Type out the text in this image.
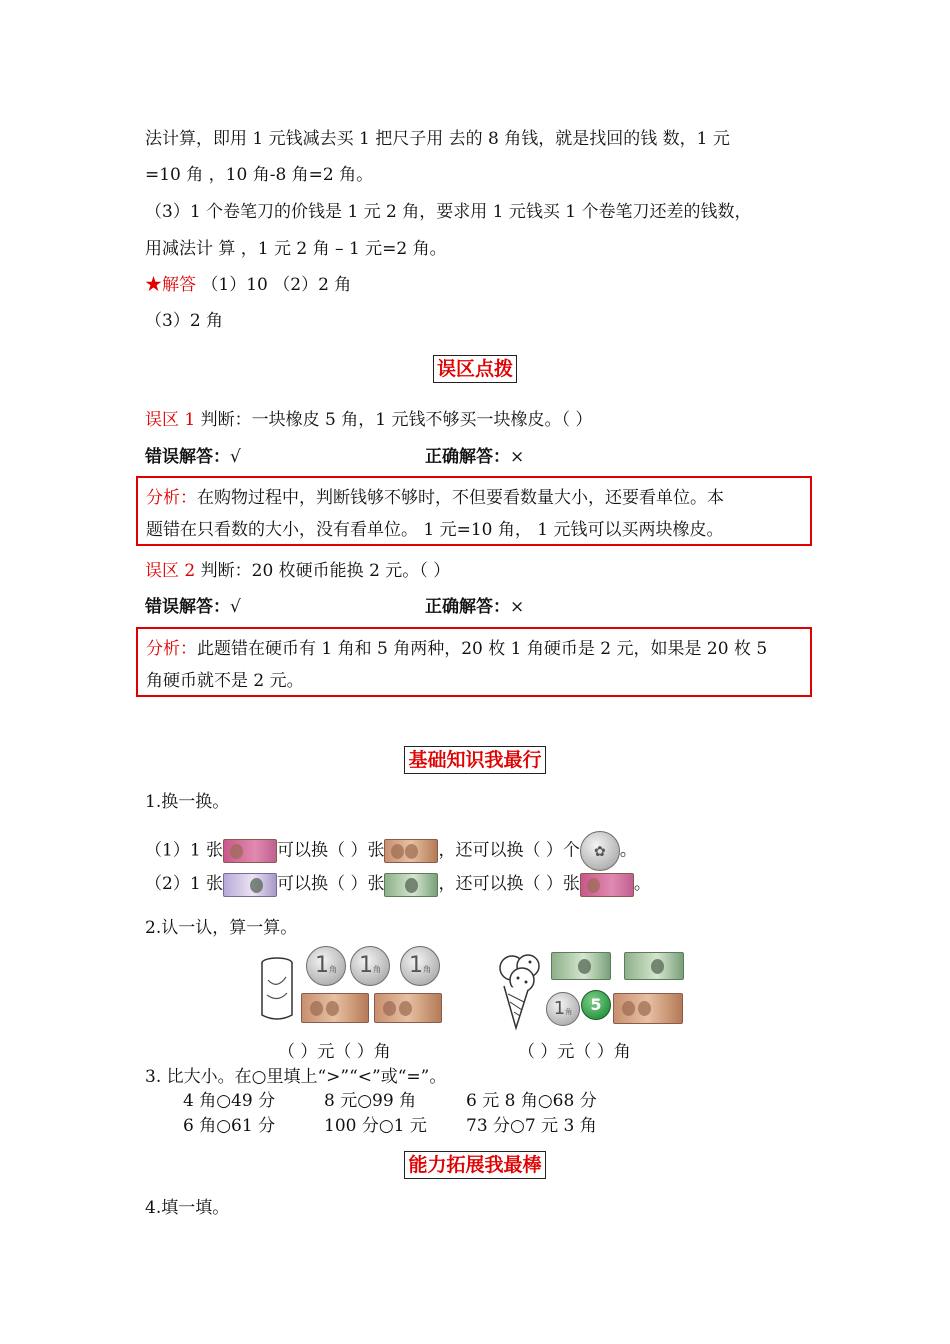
法计算，即用 1 元钱减去买 1 把尺子用 去的 8 角钱，就是找回的钱 数，1 元
=10 角 ，10 角-8 角=2 角。
（3）1 个卷笔刀的价钱是 1 元 2 角，要求用 1 元钱买 1 个卷笔刀还差的钱数，
用减法计 算 ，1 元 2 角 – 1 元=2 角。
★解答 （1）10 （2）2 角
（3）2 角
误区点拨
误区 1 判断：一块橡皮 5 角，1 元钱不够买一块橡皮。（ ）
错误解答：√	正确解答：×
分析：在购物过程中，判断钱够不够时，不但要看数量大小，还要看单位。本
题错在只看数的大小，没有看单位。 1 元=10 角， 1 元钱可以买两块橡皮。
误区 2 判断：20 枚硬币能换 2 元。（ ）
错误解答：√	正确解答：×
分析：此题错在硬币有 1 角和 5 角两种，20 枚 1 角硬币是 2 元，如果是 20 枚 5
角硬币就不是 2 元。
基础知识我最行
1.换一换。
（1）1 张	可以换（ ）张	，还可以换（ ）个 ✿ 。
（2）1 张	可以换（ ）张	，还可以换（ ）张	。
2.认一认，算一算。
1角	1角	1角
1角	5
（ ）元（ ）角	（ ）元（ ）角
3. 比大小。在○里填上“>”“<”或“=”。
4 角○49 分	8 元○99 角	6 元 8 角○68 分
6 角○61 分	100 分○1 元 73 分○7 元 3 角
能力拓展我最棒
4.填一填。
